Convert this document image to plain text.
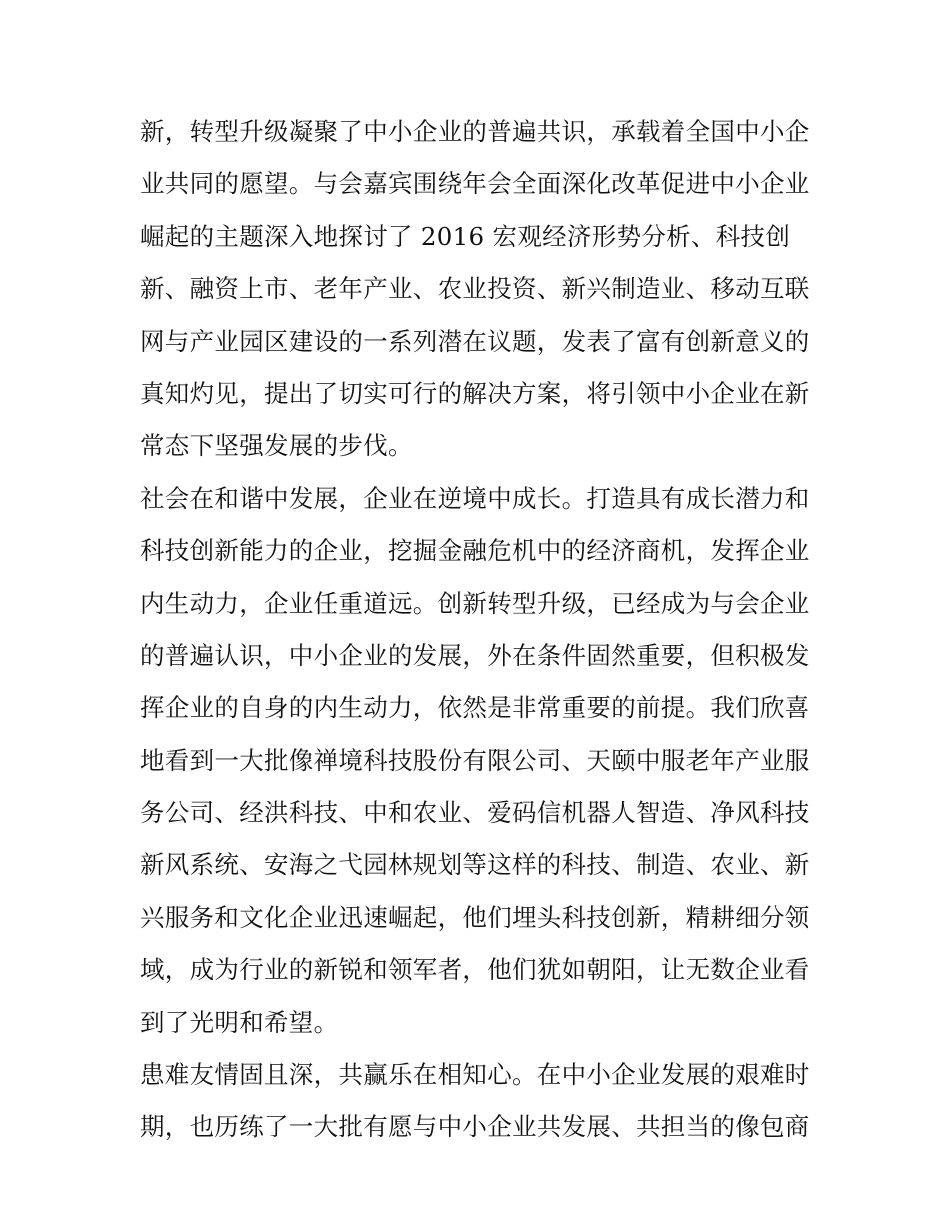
新，转型升级凝聚了中小企业的普遍共识，承载着全国中小企
业共同的愿望。与会嘉宾围绕年会全面深化改革促进中小企业
崛起的主题深入地探讨了 2016 宏观经济形势分析、科技创
新、融资上市、老年产业、农业投资、新兴制造业、移动互联
网与产业园区建设的一系列潜在议题，发表了富有创新意义的
真知灼见，提出了切实可行的解决方案，将引领中小企业在新
常态下坚强发展的步伐。
社会在和谐中发展，企业在逆境中成长。打造具有成长潜力和
科技创新能力的企业，挖掘金融危机中的经济商机，发挥企业
内生动力，企业任重道远。创新转型升级，已经成为与会企业
的普遍认识，中小企业的发展，外在条件固然重要，但积极发
挥企业的自身的内生动力，依然是非常重要的前提。我们欣喜
地看到一大批像禅境科技股份有限公司、天颐中服老年产业服
务公司、经洪科技、中和农业、爱码信机器人智造、净风科技
新风系统、安海之弋园林规划等这样的科技、制造、农业、新
兴服务和文化企业迅速崛起，他们埋头科技创新，精耕细分领
域，成为行业的新锐和领军者，他们犹如朝阳，让无数企业看
到了光明和希望。
患难友情固且深，共赢乐在相知心。在中小企业发展的艰难时
期，也历练了一大批有愿与中小企业共发展、共担当的像包商
